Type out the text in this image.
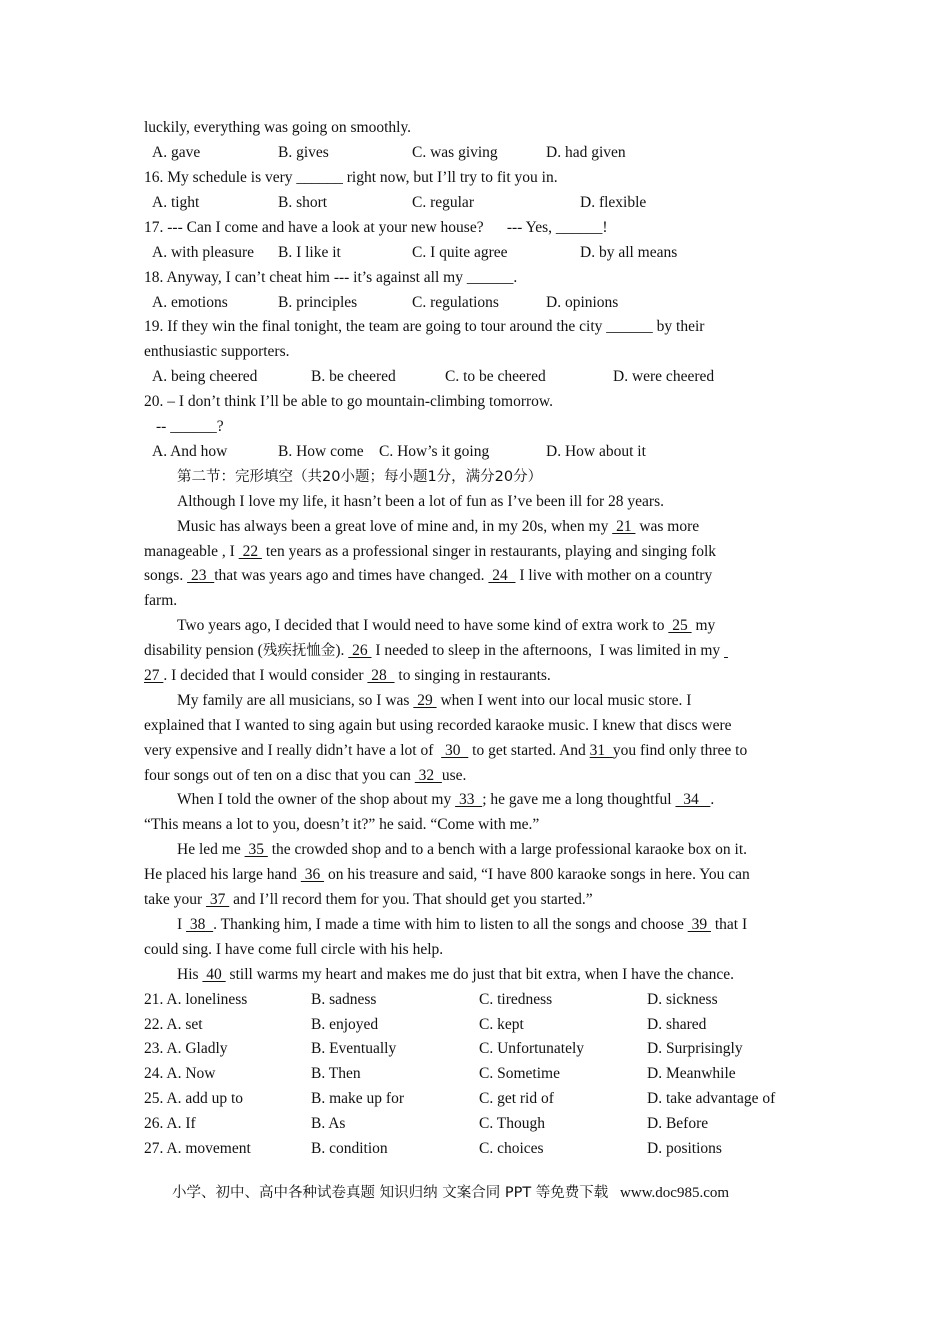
luckily, everything was going on smoothly.
A. gave	B. gives	C. was giving	D. had given
16. My schedule is very ______ right now, but I’ll try to fit you in.
A. tight	B. short	C. regular	D. flexible
17. --- Can I come and have a look at your new house?      --- Yes, ______!
A. with pleasure B. I like it	C. I quite agree	D. by all means
18. Anyway, I can’t cheat him --- it’s against all my ______.
A. emotions	B. principles	C. regulations	D. opinions
19. If they win the final tonight, the team are going to tour around the city ______ by their
enthusiastic supporters.
A. being cheered	B. be cheered	C. to be cheered	D. were cheered
20. – I don’t think I’ll be able to go mountain-climbing tomorrow.
-- ______?
A. And how	B. How come C. How’s it going	D. How about it
第二节：完形填空（共20小题；每小题1分，满分20分）
Although I love my life, it hasn’t been a lot of fun as I’ve been ill for 28 years.
Music has always been a great love of mine and, in my 20s, when my  21  was more
manageable , I  22  ten years as a professional singer in restaurants, playing and singing folk
songs.  23  that was years ago and times have changed.  24   I live with mother on a country
farm.
Two years ago, I decided that I would need to have some kind of extra work to  25  my
disability pension (残疾抚恤金).  26  I needed to sleep in the afternoons,  I was limited in my
27 . I decided that I would consider  28   to singing in restaurants.
My family are all musicians, so I was  29  when I went into our local music store. I
explained that I wanted to sing again but using recorded karaoke music. I knew that discs were
very expensive and I really didn’t have a lot of   30   to get started. And 31  you find only three to
four songs out of ten on a disc that you can  32  use.
When I told the owner of the shop about my  33  ; he gave me a long thoughtful   34   .
“This means a lot to you, doesn’t it?” he said. “Come with me.”
He led me  35  the crowded shop and to a bench with a large professional karaoke box on it.
He placed his large hand  36  on his treasure and said, “I have 800 karaoke songs in here. You can
take your  37  and I’ll record them for you. That should get you started.”
I  38  . Thanking him, I made a time with him to listen to all the songs and choose  39  that I
could sing. I have come full circle with his help.
His  40  still warms my heart and makes me do just that bit extra, when I have the chance.
21. A. loneliness	B. sadness	C. tiredness	D. sickness
22. A. set	B. enjoyed	C. kept	D. shared
23. A. Gladly	B. Eventually	C. Unfortunately	D. Surprisingly
24. A. Now	B. Then	C. Sometime	D. Meanwhile
25. A. add up to	B. make up for	C. get rid of	D. take advantage of
26. A. If	B. As	C. Though	D. Before
27. A. movement	B. condition	C. choices	D. positions
小学、初中、高中各种试卷真题 知识归纳 文案合同 PPT 等免费下载 www.doc985.com
